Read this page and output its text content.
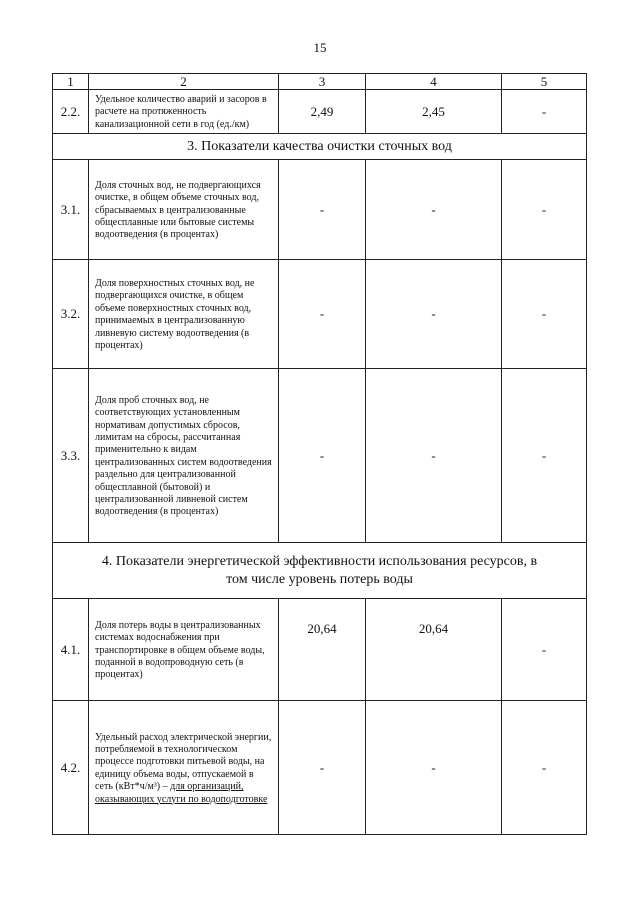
15
1	2	3	4	5
2.2.	Удельное количество аварий и засоров в расчете на протяженность канализационной сети в год (ед./км)	2,49	2,45	-
3. Показатели качества очистки сточных вод				
3.1.	Доля сточных вод, не подвергающихся очистке, в общем объеме сточных вод, сбрасываемых в централизованные общесплавные или бытовые системы водоотведения (в процентах)	-	-	-
3.2.	Доля поверхностных сточных вод, не подвергающихся очистке, в общем объеме поверхностных сточных вод, принимаемых в централизованную ливневую систему водоотведения (в процентах)	-	-	-
3.3.	Доля проб сточных вод, не соответствующих установленным нормативам допустимых сбросов, лимитам на сбросы, рассчитанная применительно к видам централизованных систем водоотведения раздельно для централизованной общесплавной (бытовой) и централизованной ливневой систем водоотведения (в процентах)	-	-	-
4. Показатели энергетической эффективности использования ресурсов, в том числе уровень потерь воды				
4.1.	Доля потерь воды в централизованных системах водоснабжения при транспортировке в общем объеме воды, поданной в водопроводную сеть (в процентах)	20,64	20,64	-
4.2.	Удельный расход электрической энергии, потребляемой в технологическом процессе подготовки питьевой воды, на единицу объема воды, отпускаемой в сеть (кВт*ч/м³) – для организаций, оказывающих услуги по водоподготовке	-	-	-
